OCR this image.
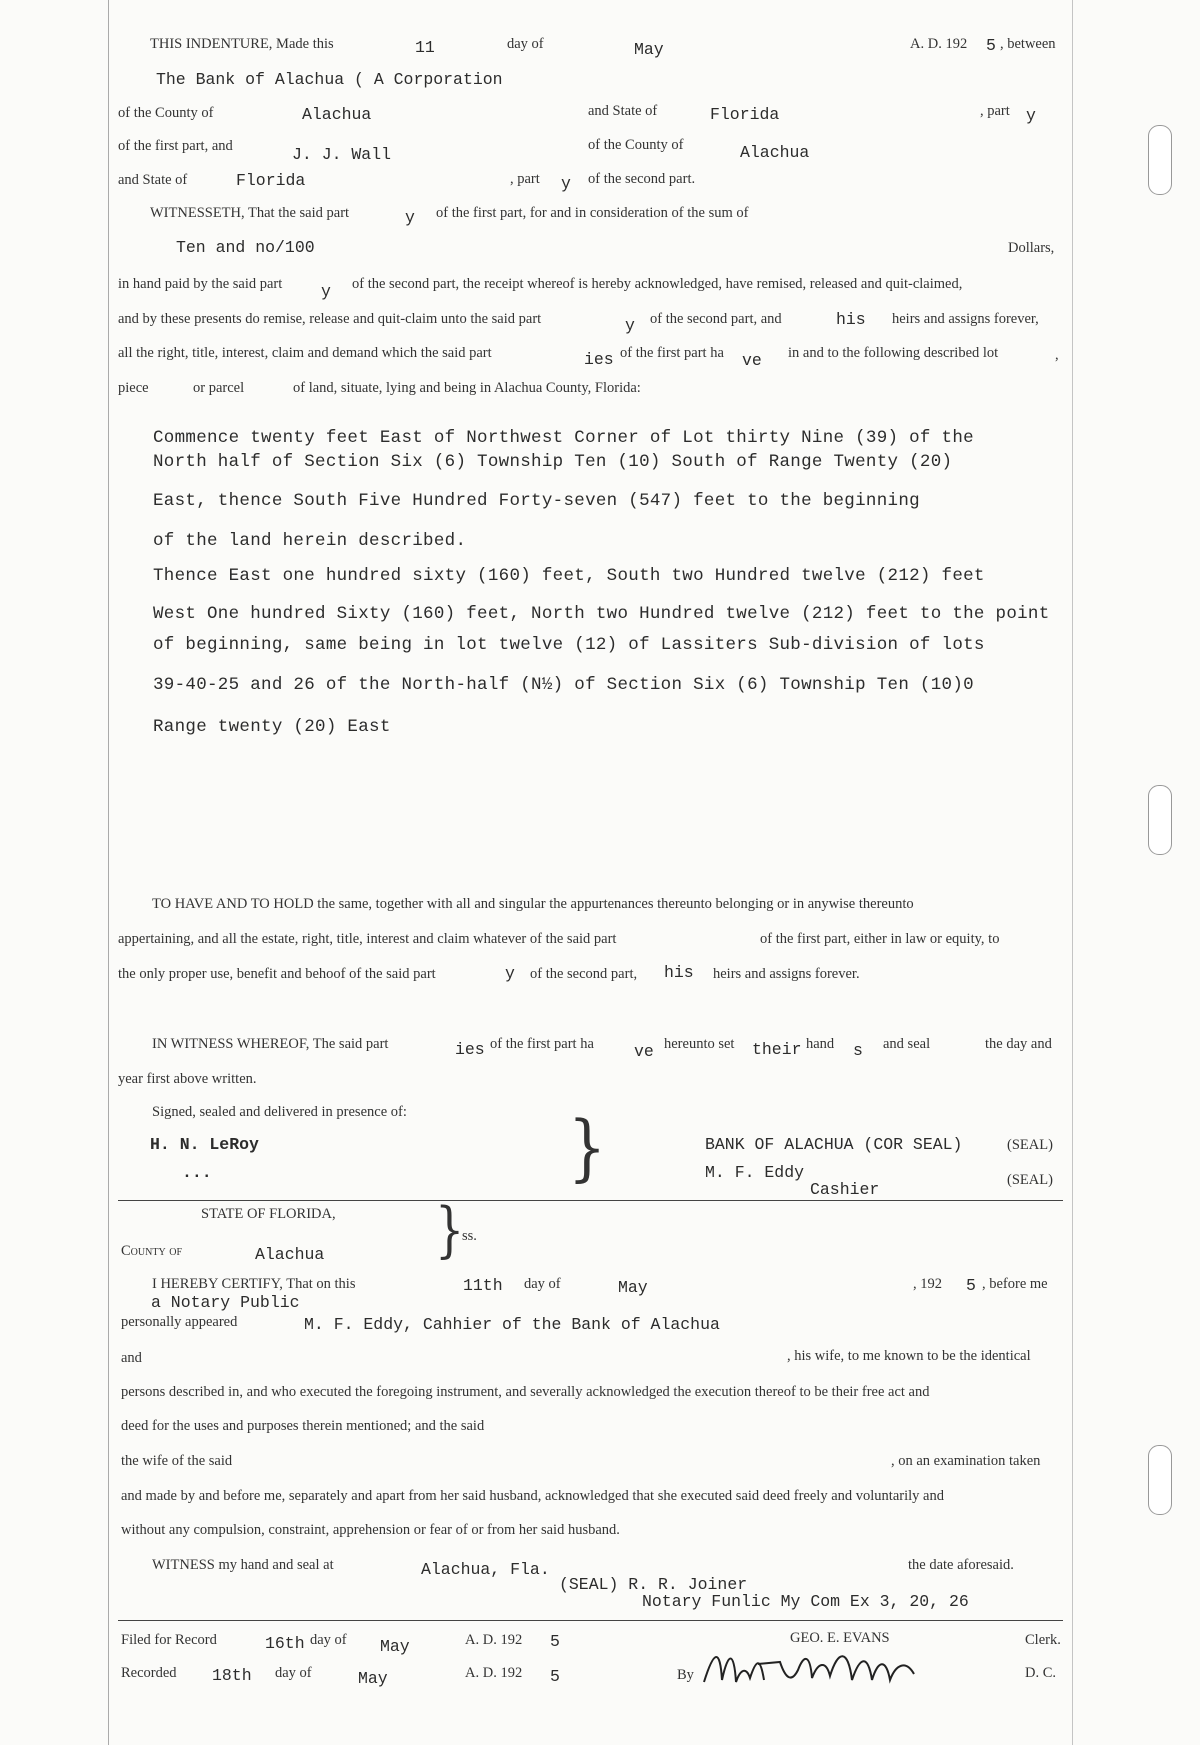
THIS INDENTURE, Made this	11	day of	May	A. D. 192 5 , between
The Bank of Alachua ( A Corporation
of the County of	Alachua	and State of	Florida	, part y
of the first part, and	J. J. Wall	of the County of	Alachua
and State of	Florida	, part y of the second part.
WITNESSETH, That the said part	y of the first part, for and in consideration of the sum of
Ten and no/100	Dollars,
in hand paid by the said part y of the second part, the receipt whereof is hereby acknowledged, have remised, released and quit-claimed,
and by these presents do remise, release and quit-claim unto the said part	y of the second part, and	his heirs and assigns forever,
all the right, title, interest, claim and demand which the said part	ies of the first part ha ve in and to the following described lot	,
piece	or parcel	of land, situate, lying and being in Alachua County, Florida:
Commence twenty feet East of Northwest Corner of Lot thirty Nine (39) of the
North half of Section Six (6) Township Ten (10) South of Range Twenty (20)
East, thence South Five Hundred Forty-seven (547) feet to the beginning
of the land herein described.
Thence East one hundred sixty (160) feet, South two Hundred twelve (212) feet
West One hundred Sixty (160) feet, North two Hundred twelve (212) feet to the point
of beginning, same being in lot twelve (12) of Lassiters Sub-division of lots
39-40-25 and 26 of the North-half (N½) of Section Six (6) Township Ten (10)0
Range twenty (20) East
TO HAVE AND TO HOLD the same, together with all and singular the appurtenances thereunto belonging or in anywise thereunto
appertaining, and all the estate, right, title, interest and claim whatever of the said part	of the first part, either in law or equity, to
the only proper use, benefit and behoof of the said part	y of the second part, his heirs and assigns forever.
IN WITNESS WHEREOF, The said part	ies of the first part ha ve hereunto set their hand s and seal	the day and
year first above written.
Signed, sealed and delivered in presence of:
H. N. LeRoy
...	}	BANK OF ALACHUA (COR SEAL)	(SEAL)
M. F. Eddy
Cashier	(SEAL)
STATE OF FLORIDA, }
ss.
County of	Alachua
I HEREBY CERTIFY, That on this	11th day of	May	, 192 5 , before me
a Notary Public
personally appeared	M. F. Eddy, Cahhier of the Bank of Alachua
and	, his wife, to me known to be the identical
persons described in, and who executed the foregoing instrument, and severally acknowledged the execution thereof to be their free act and
deed for the uses and purposes therein mentioned; and the said
the wife of the said	, on an examination taken
and made by and before me, separately and apart from her said husband, acknowledged that she executed said deed freely and voluntarily and
without any compulsion, constraint, apprehension or fear of or from her said husband.
WITNESS my hand and seal at	Alachua, Fla.	the date aforesaid.
(SEAL) R. R. Joiner
Notary Funlic My Com Ex 3, 20, 26
Filed for Record	16th day of May	A. D. 192 5	GEO. E. EVANS	Clerk.
Recorded 18th day of	May	A. D. 192 5	By	D. C.
